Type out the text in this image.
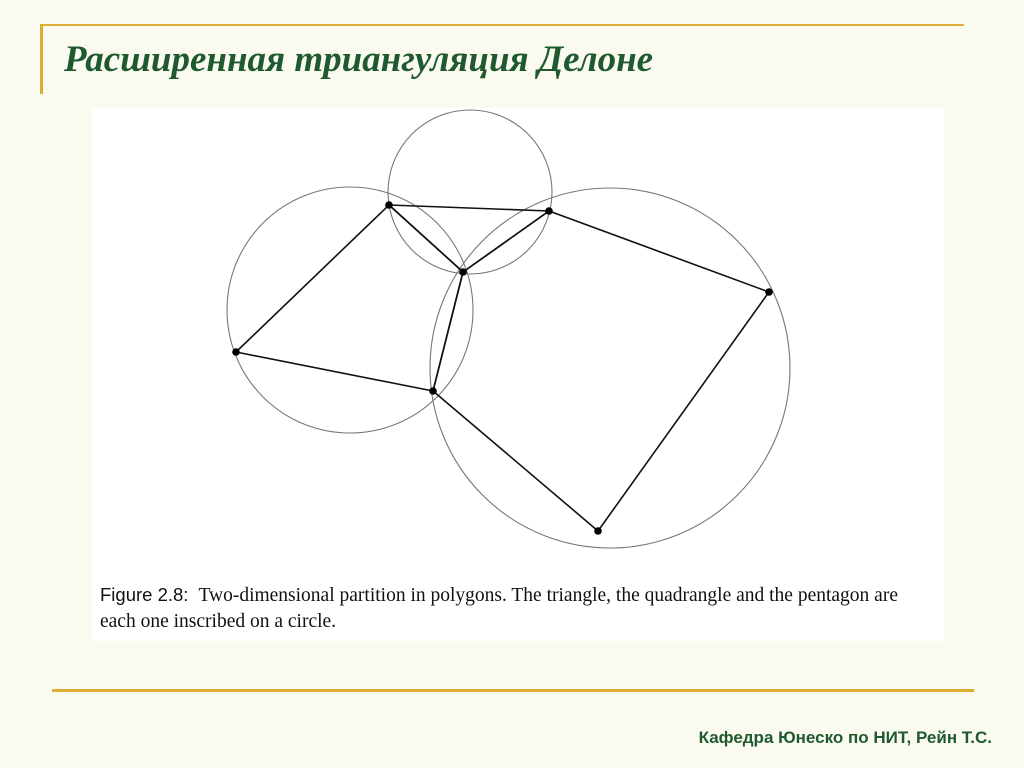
Расширенная триангуляция Делоне
Figure 2.8: Two-dimensional partition in polygons. The triangle, the quadrangle and the pentagon are each one inscribed on a circle.
Кафедра Юнеско по НИТ, Рейн Т.С.
